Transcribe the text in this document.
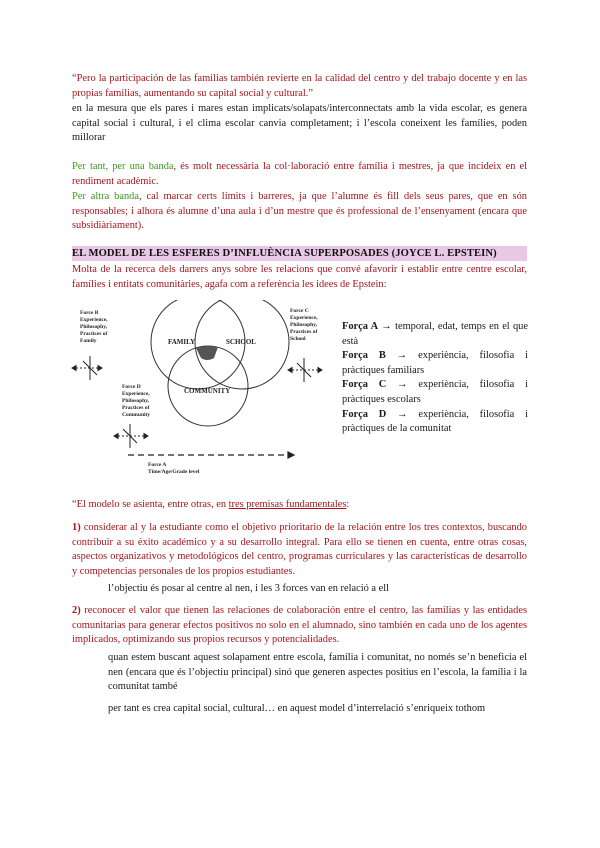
“Pero la participación de las familias también revierte en la calidad del centro y del trabajo docente y en las propias familias, aumentando su capital social y cultural.”
en la mesura que els pares i mares estan implicats/solapats/interconnectats amb la vida escolar, es genera capital social i cultural, i el clima escolar canvia completament; i l’escola coneixent les famílies, poden millorar
Per tant, per una banda, és molt necessària la col·laboració entre família i mestres, ja que incideix en el rendiment acadèmic.
Per altra banda, cal marcar certs límits i barreres, ja que l’alumne és fill dels seus pares, que en són responsables; i alhora és alumne d’una aula i d’un mestre que és professional de l’ensenyament (encara que subsidiàriament).
EL MODEL DE LES ESFERES D’INFLUÈNCIA SUPERPOSADES (JOYCE L. EPSTEIN)
Molta de la recerca dels darrers anys sobre les relacions que convé afavorir i establir entre centre escolar, famílies i entitats comunitàries, agafa com a referència les idees de Epstein:
FAMILY	SCHOOL
COMMUNITY
Force B
Experience,
Philosophy,
Practices of
Family
Force C
Experience,
Philosophy,
Practices of
School
Force D
Experience,
Philosophy,
Practices of
Community
Force A
Time/Age/Grade level
Força A → temporal, edat, temps en el que està
Força B → experiència, filosofia i pràctiques familiars
Força C → experiència, filosofia i pràctiques escolars
Força D → experiència, filosofia i pràctiques de la comunitat
“El modelo se asienta, entre otras, en tres premisas fundamentales:
1) considerar al y la estudiante como el objetivo prioritario de la relación entre los tres contextos, buscando contribuir a su éxito académico y a su desarrollo integral. Para ello se tienen en cuenta, entre otras cosas, aspectos organizativos y metodológicos del centro, programas curriculares y las características de desarrollo y competencias personales de los propios estudiantes.
l’objectiu és posar al centre al nen, i les 3 forces van en relació a ell
2) reconocer el valor que tienen las relaciones de colaboración entre el centro, las familias y las entidades comunitarias para generar efectos positivos no solo en el alumnado, sino también en cada uno de los agentes implicados, optimizando sus propios recursos y potencialidades.
quan estem buscant aquest solapament entre escola, família i comunitat, no només se’n beneficia el nen (encara que és l’objectiu principal) sinó que generen aspectes positius en l’escola, la família i la comunitat també
per tant es crea capital social, cultural… en aquest model d’interrelació s’enriqueix tothom
